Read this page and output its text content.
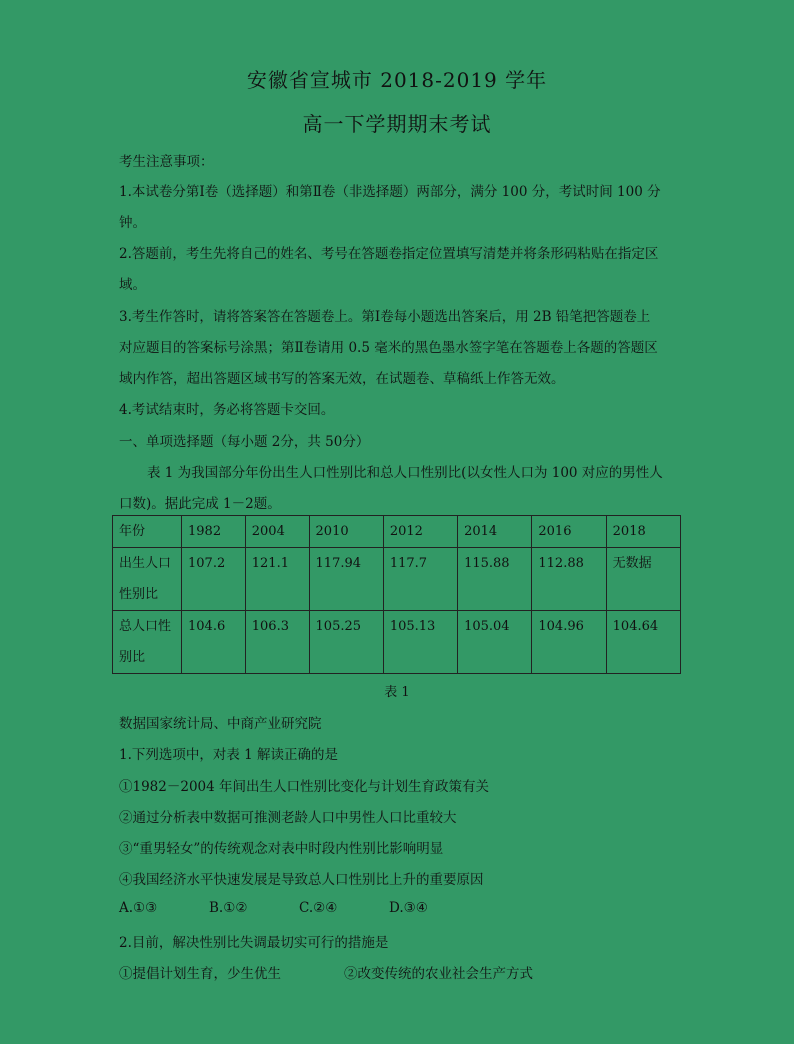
安徽省宣城市 2018-2019 学年
高一下学期期末考试
考生注意事项：
1.本试卷分第Ⅰ卷（选择题）和第Ⅱ卷（非选择题）两部分，满分 100 分，考试时间 100 分
钟。
2.答题前，考生先将自己的姓名、考号在答题卷指定位置填写清楚并将条形码粘贴在指定区
域。
3.考生作答时，请将答案答在答题卷上。第Ⅰ卷每小题选出答案后，用 2B 铅笔把答题卷上
对应题目的答案标号涂黑；第Ⅱ卷请用 0.5 毫米的黑色墨水签字笔在答题卷上各题的答题区
域内作答，超出答题区域书写的答案无效，在试题卷、草稿纸上作答无效。
4.考试结束时，务必将答题卡交回。
一、单项选择题（每小题 2分，共 50分）
表 1 为我国部分年份出生人口性别比和总人口性别比(以女性人口为 100 对应的男性人
口数)。据此完成 1－2题。
年份	1982	2004	2010	2012	2014	2016	2018
出生人口
性别比	107.2	121.1	117.94	117.7	115.88	112.88	无数据
总人口性
别比	104.6	106.3	105.25	105.13	105.04	104.96	104.64
表 1
数据国家统计局、中商产业研究院
1.下列选项中，对表 1 解读正确的是
①1982－2004 年间出生人口性别比变化与计划生育政策有关
②通过分析表中数据可推测老龄人口中男性人口比重较大
③“重男轻女”的传统观念对表中时段内性别比影响明显
④我国经济水平快速发展是导致总人口性别比上升的重要原因
A.①③	B.①②	C.②④	D.③④
2.目前，解决性别比失调最切实可行的措施是
①提倡计划生育，少生优生	②改变传统的农业社会生产方式
